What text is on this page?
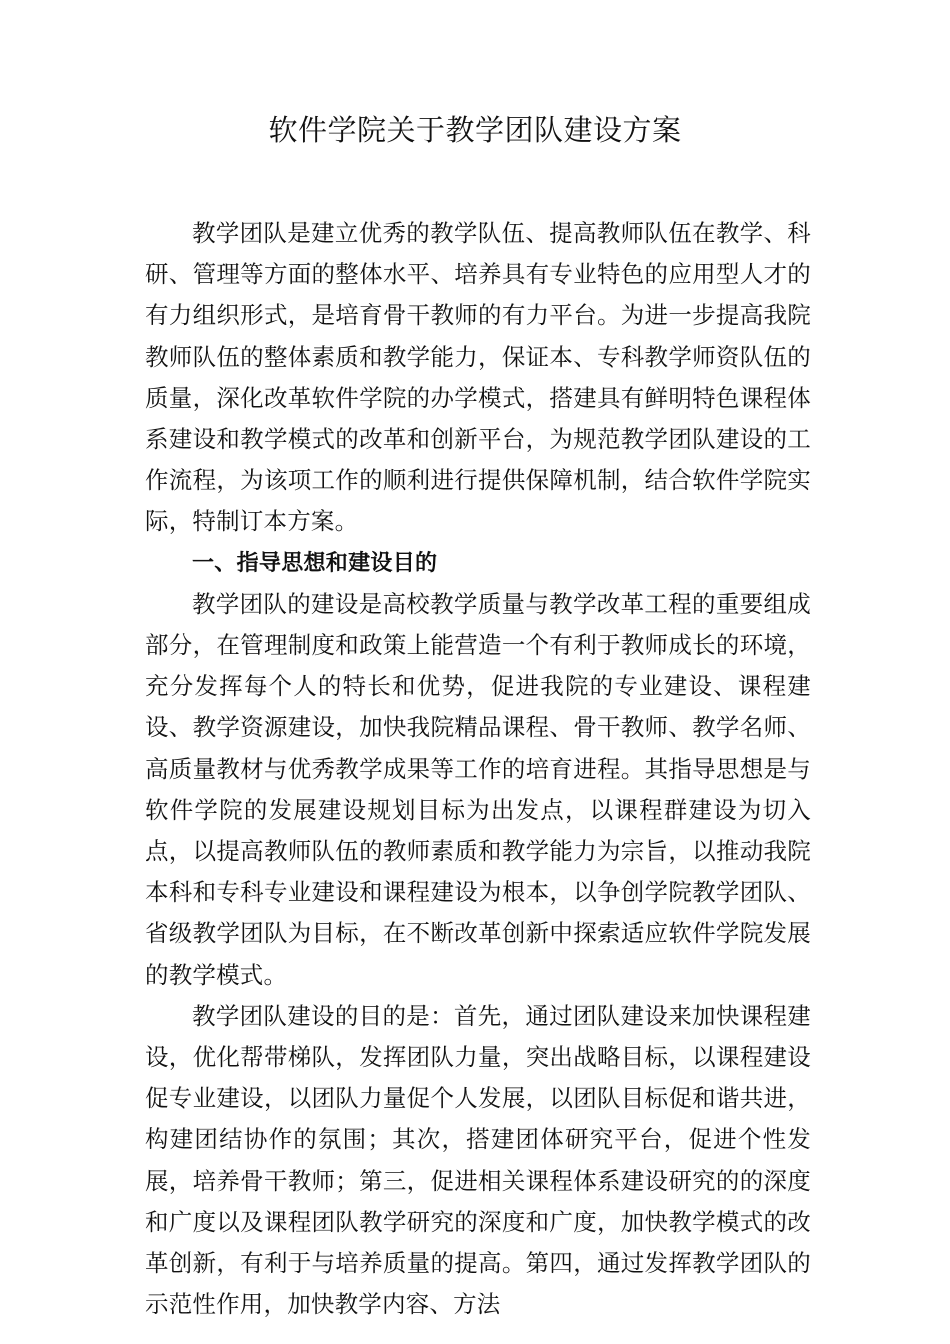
软件学院关于教学团队建设方案

教学团队是建立优秀的教学队伍、提高教师队伍在教学、科研、管理等方面的整体水平、培养具有专业特色的应用型人才的有力组织形式，是培育骨干教师的有力平台。为进一步提高我院教师队伍的整体素质和教学能力，保证本、专科教学师资队伍的质量，深化改革软件学院的办学模式，搭建具有鲜明特色课程体系建设和教学模式的改革和创新平台，为规范教学团队建设的工作流程，为该项工作的顺利进行提供保障机制，结合软件学院实际，特制订本方案。

一、指导思想和建设目的

教学团队的建设是高校教学质量与教学改革工程的重要组成部分，在管理制度和政策上能营造一个有利于教师成长的环境，充分发挥每个人的特长和优势，促进我院的专业建设、课程建设、教学资源建设，加快我院精品课程、骨干教师、教学名师、高质量教材与优秀教学成果等工作的培育进程。其指导思想是与软件学院的发展建设规划目标为出发点，以课程群建设为切入点，以提高教师队伍的教师素质和教学能力为宗旨，以推动我院本科和专科专业建设和课程建设为根本，以争创学院教学团队、省级教学团队为目标，在不断改革创新中探索适应软件学院发展的教学模式。

教学团队建设的目的是：首先，通过团队建设来加快课程建设，优化帮带梯队，发挥团队力量，突出战略目标，以课程建设促专业建设，以团队力量促个人发展，以团队目标促和谐共进，构建团结协作的氛围；其次，搭建团体研究平台，促进个性发展，培养骨干教师；第三，促进相关课程体系建设研究的的深度和广度以及课程团队教学研究的深度和广度，加快教学模式的改革创新，有利于与培养质量的提高。第四，通过发挥教学团队的示范性作用，加快教学内容、方法
